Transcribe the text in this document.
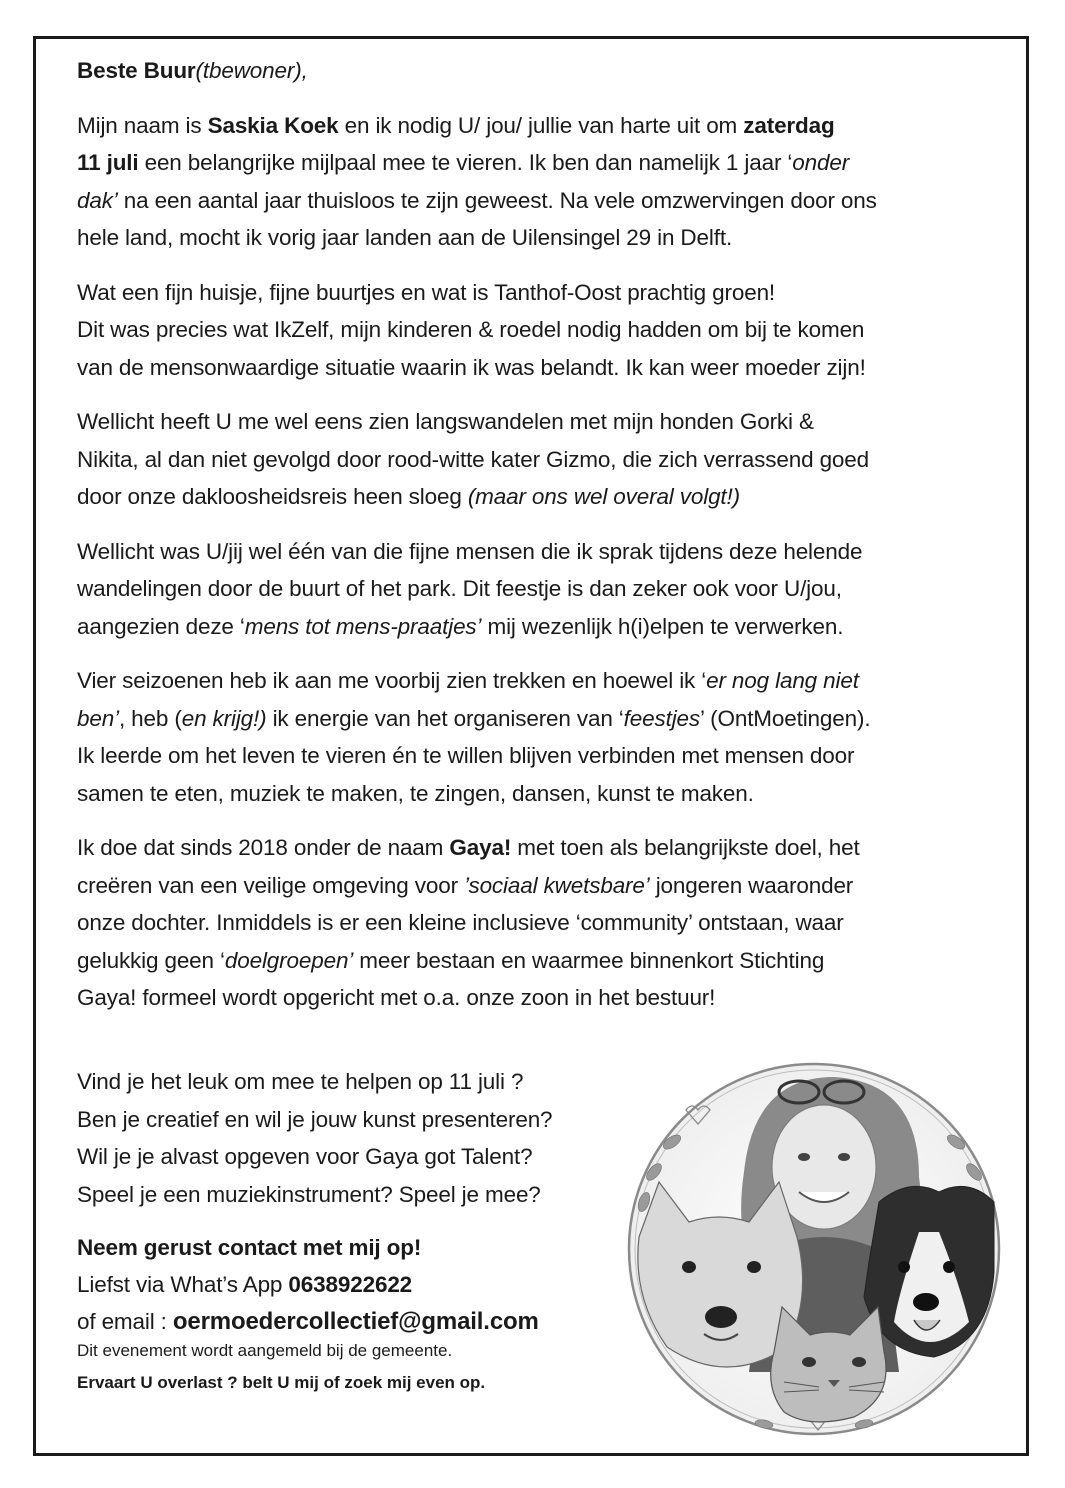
Beste Buur(tbewoner),
Mijn naam is Saskia Koek en ik nodig U/ jou/ jullie van harte uit om zaterdag
11 juli een belangrijke mijlpaal mee te vieren. Ik ben dan namelijk 1 jaar ‘onder
dak’ na een aantal jaar thuisloos te zijn geweest. Na vele omzwervingen door ons
hele land, mocht ik vorig jaar landen aan de Uilensingel 29 in Delft.
Wat een fijn huisje, fijne buurtjes en wat is Tanthof-Oost prachtig groen!
Dit was precies wat IkZelf, mijn kinderen & roedel nodig hadden om bij te komen
van de mensonwaardige situatie waarin ik was belandt. Ik kan weer moeder zijn!
Wellicht heeft U me wel eens zien langswandelen met mijn honden Gorki &
Nikita, al dan niet gevolgd door rood-witte kater Gizmo, die zich verrassend goed
door onze dakloosheidsreis heen sloeg (maar ons wel overal volgt!)
Wellicht was U/jij wel één van die fijne mensen die ik sprak tijdens deze helende
wandelingen door de buurt of het park. Dit feestje is dan zeker ook voor U/jou,
aangezien deze ‘mens tot mens-praatjes’ mij wezenlijk h(i)elpen te verwerken.
Vier seizoenen heb ik aan me voorbij zien trekken en hoewel ik ‘er nog lang niet
ben’, heb (en krijg!) ik energie van het organiseren van ‘feestjes’ (OntMoetingen).
Ik leerde om het leven te vieren én te willen blijven verbinden met mensen door
samen te eten, muziek te maken, te zingen, dansen, kunst te maken.
Ik doe dat sinds 2018 onder de naam Gaya! met toen als belangrijkste doel, het
creëren van een veilige omgeving voor ’sociaal kwetsbare’ jongeren waaronder
onze dochter. Inmiddels is er een kleine inclusieve ‘community’ ontstaan, waar
gelukkig geen ‘doelgroepen’ meer bestaan en waarmee binnenkort Stichting
Gaya! formeel wordt opgericht met o.a. onze zoon in het bestuur!
Vind je het leuk om mee te helpen op 11 juli ?
Ben je creatief en wil je jouw kunst presenteren?
Wil je je alvast opgeven voor Gaya got Talent?
Speel je een muziekinstrument? Speel je mee?
Neem gerust contact met mij op!
Liefst via What’s App 0638922622
of email : oermoedercollectief@gmail.com
Dit evenement wordt aangemeld bij de gemeente.
Ervaart U overlast ? belt U mij of zoek mij even op.
